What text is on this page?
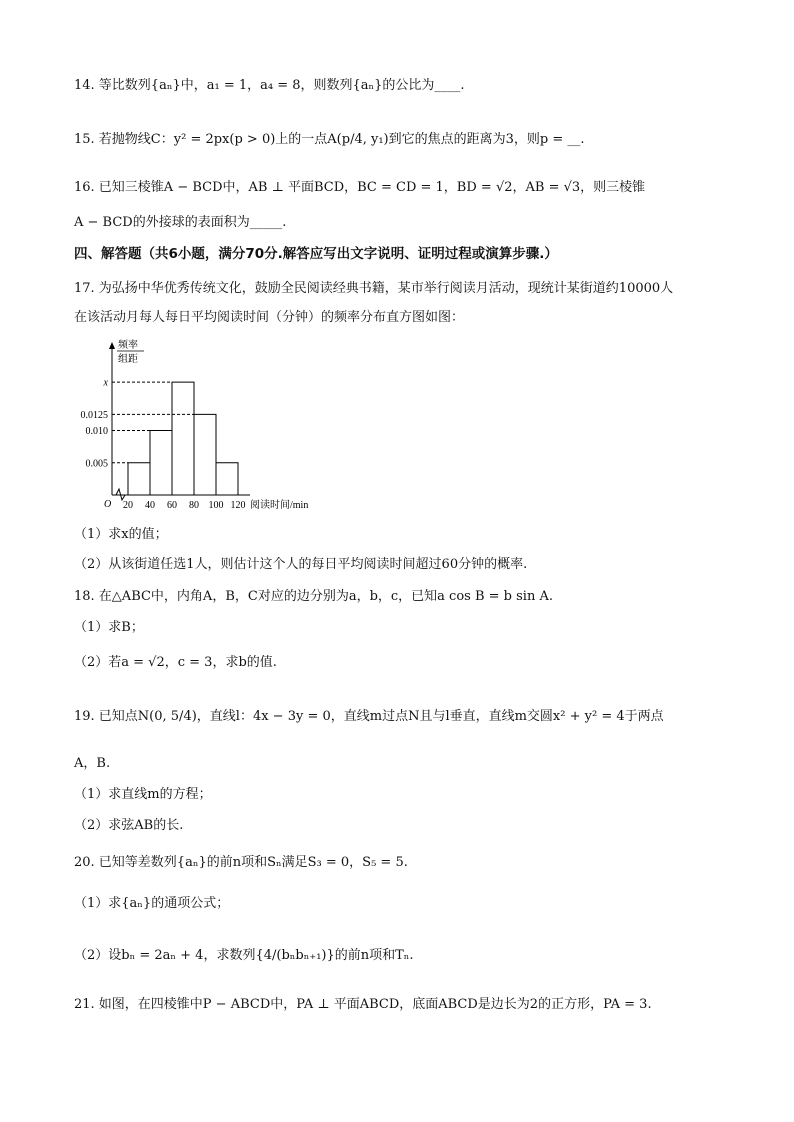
14. 等比数列{aₙ}中，a₁ = 1，a₄ = 8，则数列{aₙ}的公比为____.
15. 若抛物线C：y² = 2px(p > 0)上的一点A(p/4, y₁)到它的焦点的距离为3，则p = __.
16. 已知三棱锥A − BCD中，AB ⊥ 平面BCD，BC = CD = 1，BD = √2，AB = √3，则三棱锥
A − BCD的外接球的表面积为_____.
四、解答题（共6小题，满分70分.解答应写出文字说明、证明过程或演算步骤.）
17. 为弘扬中华优秀传统文化，鼓励全民阅读经典书籍，某市举行阅读月活动，现统计某街道约10000人
在该活动月每人每日平均阅读时间（分钟）的频率分布直方图如图：
频率
组距
O
x
0.0125
0.010
0.005
20 40 60 80 100 120 阅读时间/min
（1）求x的值；
（2）从该街道任选1人，则估计这个人的每日平均阅读时间超过60分钟的概率.
18. 在△ABC中，内角A，B，C对应的边分别为a，b，c，已知a cos B = b sin A.
（1）求B；
（2）若a = √2，c = 3，求b的值.
19. 已知点N(0, 5/4)，直线l：4x − 3y = 0，直线m过点N且与l垂直，直线m交圆x² + y² = 4于两点
A，B.
（1）求直线m的方程；
（2）求弦AB的长.
20. 已知等差数列{aₙ}的前n项和Sₙ满足S₃ = 0，S₅ = 5.
（1）求{aₙ}的通项公式；
（2）设bₙ = 2aₙ + 4，求数列{4/(bₙbₙ₊₁)}的前n项和Tₙ.
21. 如图，在四棱锥中P − ABCD中，PA ⊥ 平面ABCD，底面ABCD是边长为2的正方形，PA = 3.
